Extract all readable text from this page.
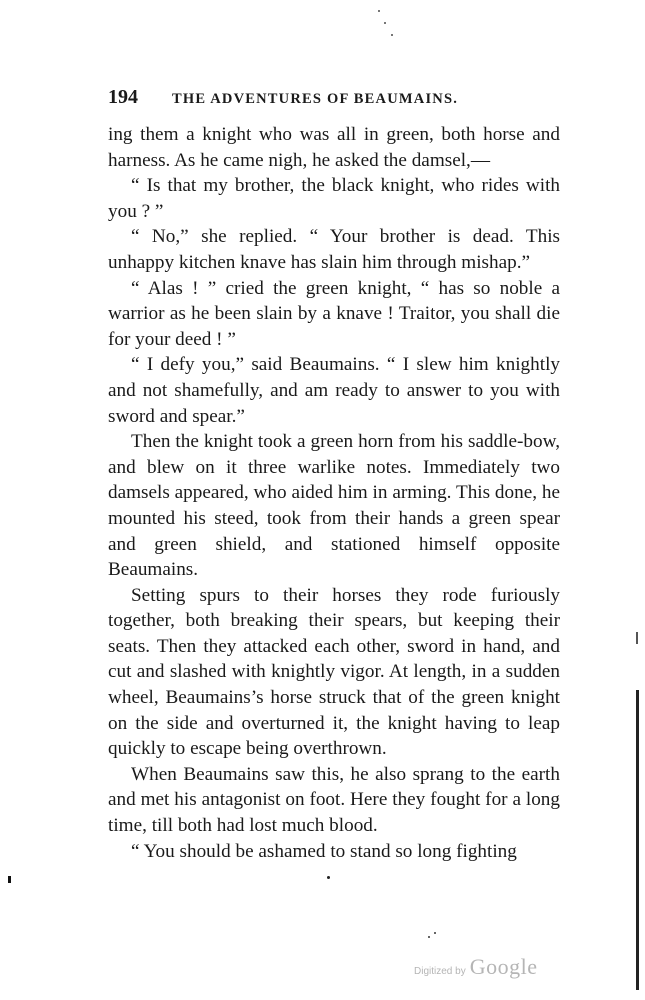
194 THE ADVENTURES OF BEAUMAINS.

ing them a knight who was all in green, both horse and harness. As he came nigh, he asked the damsel,—

“ Is that my brother, the black knight, who rides with you ? ”

“ No,” she replied. “ Your brother is dead. This unhappy kitchen knave has slain him through mishap.”

“ Alas ! ” cried the green knight, “ has so noble a warrior as he been slain by a knave ! Traitor, you shall die for your deed ! ”

“ I defy you,” said Beaumains. “ I slew him knightly and not shamefully, and am ready to answer to you with sword and spear.”

Then the knight took a green horn from his saddle-bow, and blew on it three warlike notes. Immediately two damsels appeared, who aided him in arming. This done, he mounted his steed, took from their hands a green spear and green shield, and stationed himself opposite Beaumains.

Setting spurs to their horses they rode furiously together, both breaking their spears, but keeping their seats. Then they attacked each other, sword in hand, and cut and slashed with knightly vigor. At length, in a sudden wheel, Beaumains’s horse struck that of the green knight on the side and overturned it, the knight having to leap quickly to escape being overthrown.

When Beaumains saw this, he also sprang to the earth and met his antagonist on foot. Here they fought for a long time, till both had lost much blood.

“ You should be ashamed to stand so long fighting

Digitized by Google
